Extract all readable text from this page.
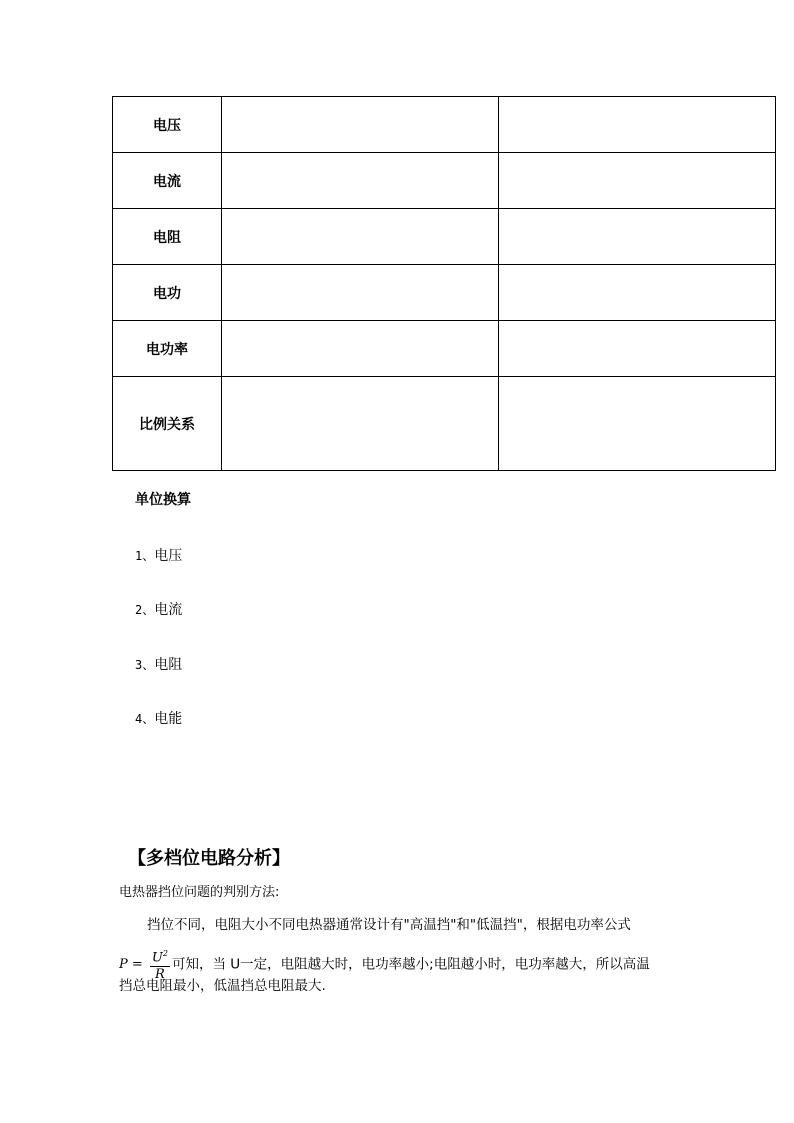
电压		
电流		
电阻		
电功		
电功率		
比例关系		
单位换算
1、电压
2、电流
3、电阻
4、电能
【多档位电路分析】
电热器挡位问题的判别方法:
挡位不同，电阻大小不同电热器通常设计有"高温挡"和"低温挡"，根据电功率公式
$P = \frac{U^2}{R}$ 可知，当 U一定，电阻越大时，电功率越小;电阻越小时，电功率越大，所以高温
挡总电阻最小，低温挡总电阻最大.
